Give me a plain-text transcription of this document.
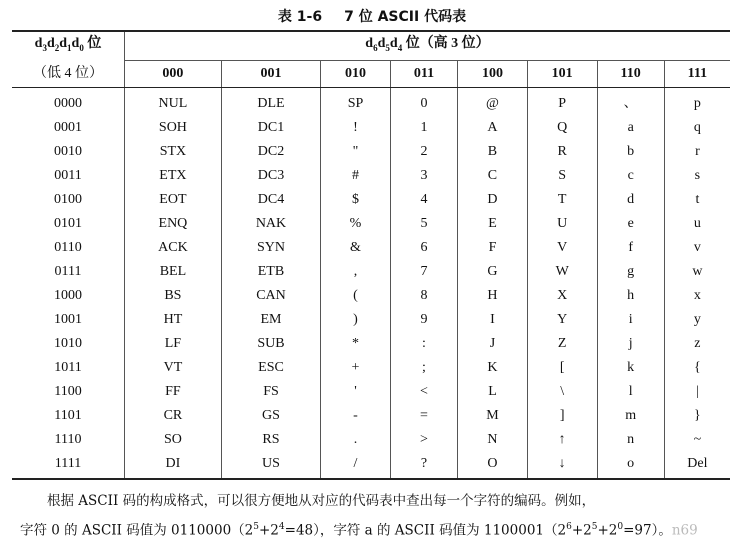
表 1-6 7 位 ASCII 代码表
$d_3d_2d_1d_0$ 位	$d_6d_5d_4$ 位（高 3 位）							
（低 4 位）	000	001	010	011	100	101	110	111
0000	NUL	DLE	SP	0	@	P	、	p
0001	SOH	DC1	!	1	A	Q	a	q
0010	STX	DC2	"	2	B	R	b	r
0011	ETX	DC3	#	3	C	S	c	s
0100	EOT	DC4	$	4	D	T	d	t
0101	ENQ	NAK	%	5	E	U	e	u
0110	ACK	SYN	&	6	F	V	f	v
0111	BEL	ETB	,	7	G	W	g	w
1000	BS	CAN	(	8	H	X	h	x
1001	HT	EM	)	9	I	Y	i	y
1010	LF	SUB	*	:	J	Z	j	z
1011	VT	ESC	+	;	K	[	k	{
1100	FF	FS	'	<	L	\	l	|
1101	CR	GS	-	=	M	]	m	}
1110	SO	RS	.	>	N	↑	n	~
1111	DI	US	/	?	O	↓	o	Del

根据 ASCII 码的构成格式，可以很方便地从对应的代码表中查出每一个字符的编码。例如，

字符 0 的 ASCII 码值为 $0110000(2^5+2^4=48)$，字符 a 的 ASCII 码值为 $1100001(2^6+2^5+2^0=97)$。n69
